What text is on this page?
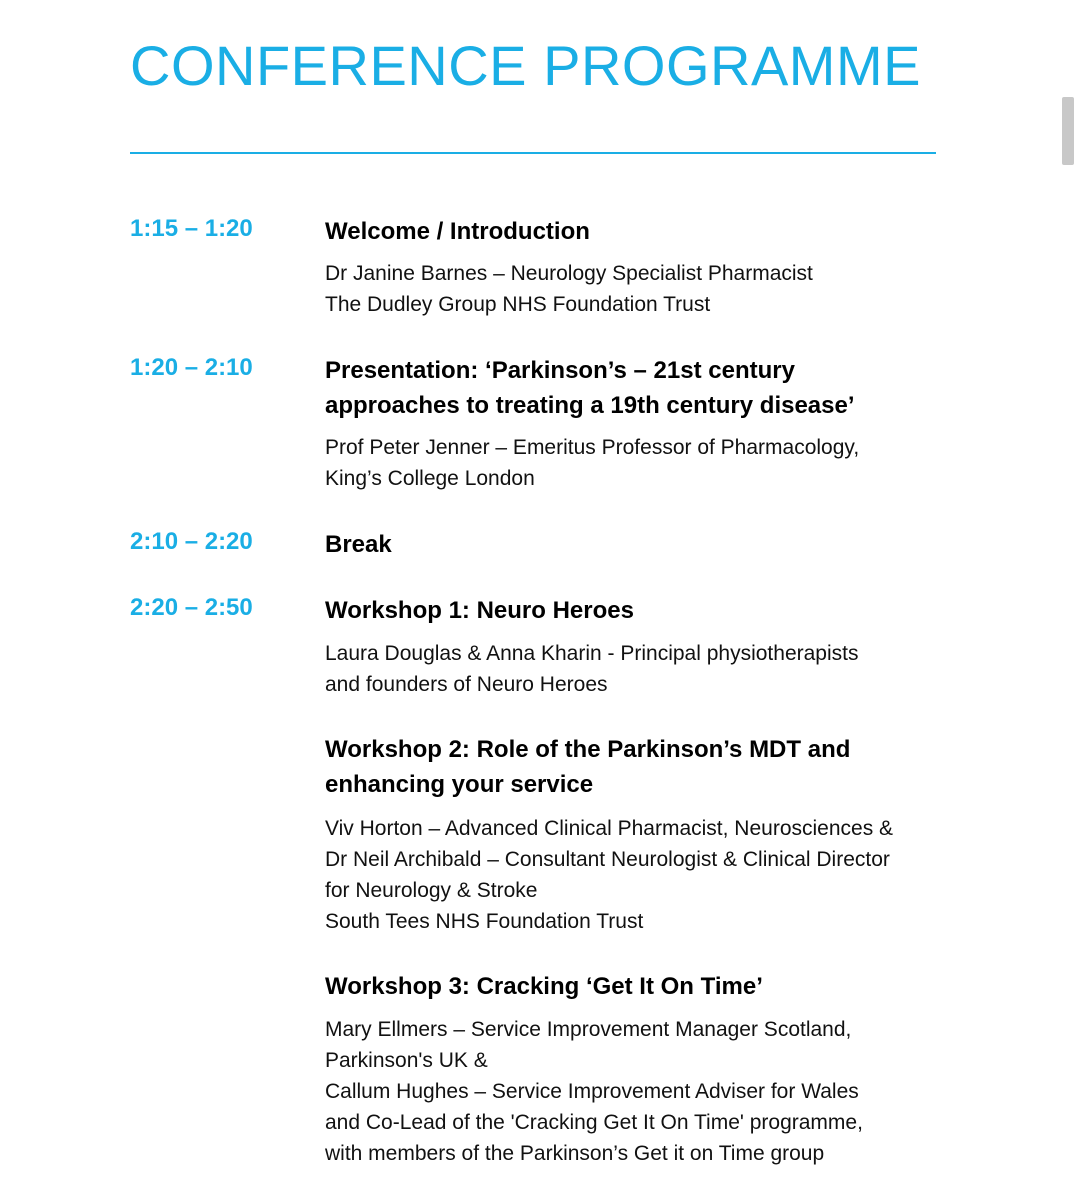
CONFERENCE PROGRAMME
1:15 – 1:20	Welcome / Introduction

Dr Janine Barnes – Neurology Specialist Pharmacist
The Dudley Group NHS Foundation Trust

1:20 – 2:10	Presentation: ‘Parkinson’s – 21st century
approaches to treating a 19th century disease’

Prof Peter Jenner – Emeritus Professor of Pharmacology,
King’s College London

2:10 – 2:20	Break
2:20 – 2:50	Workshop 1: Neuro Heroes

Laura Douglas & Anna Kharin - Principal physiotherapists
and founders of Neuro Heroes

Workshop 2: Role of the Parkinson’s MDT and
enhancing your service

Viv Horton – Advanced Clinical Pharmacist, Neurosciences &
Dr Neil Archibald – Consultant Neurologist & Clinical Director
for Neurology & Stroke
South Tees NHS Foundation Trust

Workshop 3: Cracking ‘Get It On Time’

Mary Ellmers – Service Improvement Manager Scotland,
Parkinson's UK &
Callum Hughes – Service Improvement Adviser for Wales
and Co-Lead of the 'Cracking Get It On Time' programme,
with members of the Parkinson’s Get it on Time group
